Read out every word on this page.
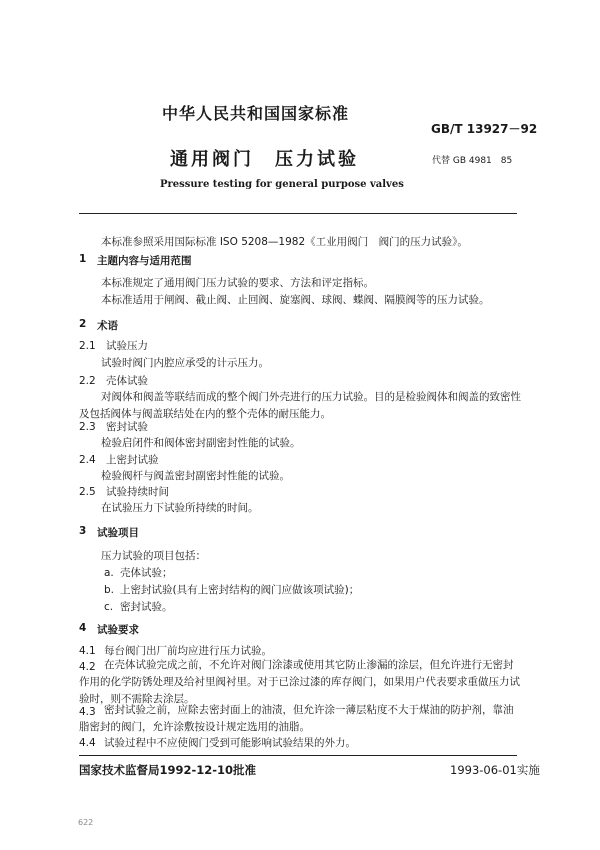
中华人民共和国国家标准
GB/T 13927－92
通用阀门　压力试验	代替 GB 4981　85
Pressure testing for general purpose valves
本标准参照采用国际标准 ISO 5208—1982《工业用阀门　阀门的压力试验》。
1 主题内容与适用范围
本标准规定了通用阀门压力试验的要求、方法和评定指标。
本标准适用于闸阀、截止阀、止回阀、旋塞阀、球阀、蝶阀、隔膜阀等的压力试验。
2 术语
2.1 试验压力
试验时阀门内腔应承受的计示压力。
2.2 壳体试验
对阀体和阀盖等联结而成的整个阀门外壳进行的压力试验。目的是检验阀体和阀盖的致密性及包括阀体与阀盖联结处在内的整个壳体的耐压能力。
2.3 密封试验
检验启闭件和阀体密封副密封性能的试验。
2.4 上密封试验
检验阀杆与阀盖密封副密封性能的试验。
2.5 试验持续时间
在试验压力下试验所持续的时间。
3 试验项目
压力试验的项目包括：
a. 壳体试验；
b. 上密封试验(具有上密封结构的阀门应做该项试验)；
c. 密封试验。
4 试验要求
4.1 每台阀门出厂前均应进行压力试验。
4.2 在壳体试验完成之前，不允许对阀门涂漆或使用其它防止渗漏的涂层，但允许进行无密封作用的化学防锈处理及给衬里阀衬里。对于已涂过漆的库存阀门，如果用户代表要求重做压力试验时，则不需除去涂层。
4.3 密封试验之前，应除去密封面上的油渍，但允许涂一薄层粘度不大于煤油的防护剂，靠油脂密封的阀门，允许涂敷按设计规定选用的油脂。
4.4 试验过程中不应使阀门受到可能影响试验结果的外力。
国家技术监督局1992-12-10批准	1993-06-01实施
622
